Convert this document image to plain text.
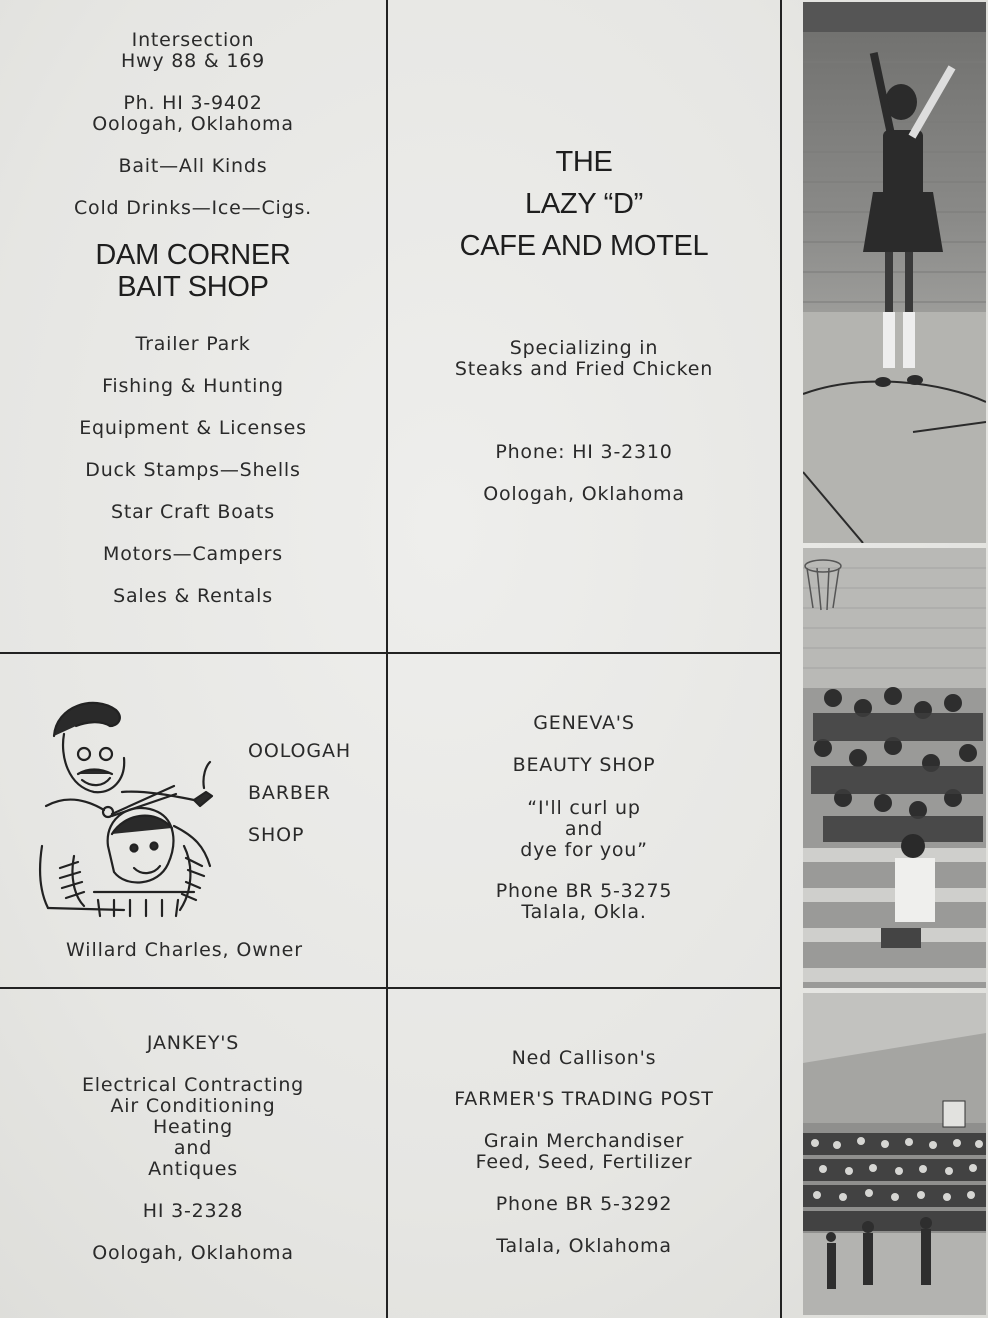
Intersection
Hwy 88 & 169
Ph. HI 3-9402
Oologah, Oklahoma
Bait—All Kinds
Cold Drinks—Ice—Cigs.
DAM CORNER
BAIT SHOP
Trailer Park
Fishing & Hunting
Equipment & Licenses
Duck Stamps—Shells
Star Craft Boats
Motors—Campers
Sales & Rentals
THE
LAZY “D”
CAFE AND MOTEL
Specializing in
Steaks and Fried Chicken
Phone: HI 3-2310
Oologah, Oklahoma
OOLOGAH
BARBER
SHOP
Willard Charles, Owner
GENEVA'S
BEAUTY SHOP
“I'll curl up
and
dye for you”
Phone BR 5-3275
Talala, Okla.
JANKEY'S
Electrical Contracting
Air Conditioning
Heating
and
Antiques
HI 3-2328
Oologah, Oklahoma
Ned Callison's
FARMER'S TRADING POST
Grain Merchandiser
Feed, Seed, Fertilizer
Phone BR 5-3292
Talala, Oklahoma
